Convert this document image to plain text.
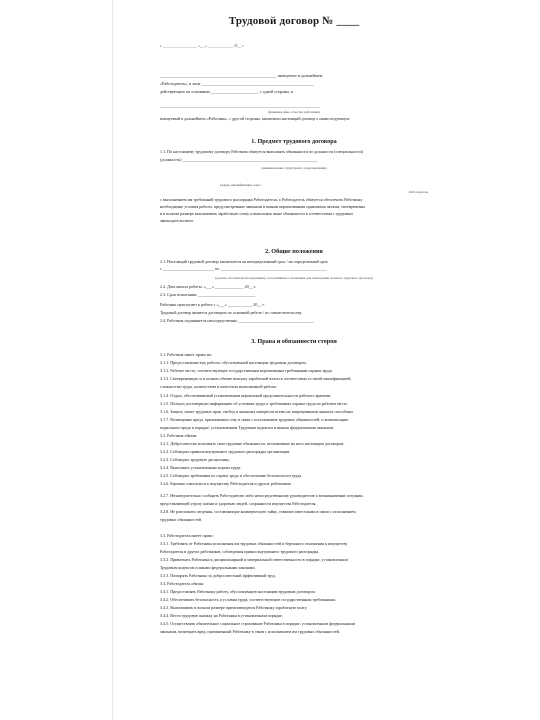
Трудовой договор № ____
г. ___________________ «___» ______________ 20__ г.
_________________________________________________________ именуемое в дальнейшем
«Работодатель», в лице _______________________________________________________
действующего на основании _______________________, с одной стороны, и
______________________________________________________________________________
(фамилия, имя, отчество работника)
именуемый в дальнейшем «Работник», с другой стороны, заключили настоящий договор о нижеследующем:
1. Предмет трудового договора
1.1. По настоящему трудовому договору Работник обязуется выполнять обязанности по должности (специальности)
(должность) __________________________________________________________________
(наименование структурного подразделения)
разряд, квалификация, класс
Работодатель
с выполнением им требований трудового распорядка Работодателя, а Работодатель обязуется обеспечить Работнику
необходимые условия работы, предусмотренные законами и иными нормативными правовыми актами, своевременно
и в полном размере выплачивать заработную плату и выполнять иные обязанности в соответствии с трудовым
законодательством.
2. Общие положения
2.1. Настоящий трудовой договор заключается на неопределенный срок / на определенный срок
с _________________________ по ____________________________________________________
(указать обстоятельства (причины), послужившие основанием для заключения срочного трудового договора)
2.2. Дата начала работы: «___» ______________ 20__ г.
2.3. Срок испытания: ____________________________
Работник приступает к работе с «___» ____________ 20__ г.
Трудовой договор является договором по основной работе / по совместительству.
2.4. Работник подчиняется непосредственно _____________________________________
3. Права и обязанности сторон
3.1. Работник имеет право на:
3.1.1. Предоставление ему работы, обусловленной настоящим трудовым договором.
3.1.2. Рабочее место, соответствующее государственным нормативным требованиям охраны труда.
3.1.3. Своевременную и в полном объеме выплату заработной платы в соответствии со своей квалификацией,
сложностью труда, количеством и качеством выполненной работы.
3.1.4. Отдых, обеспечиваемый установлением нормальной продолжительности рабочего времени.
3.1.5. Полную достоверную информацию об условиях труда и требованиях охраны труда на рабочем месте.
3.1.6. Защиту своих трудовых прав, свобод и законных интересов всеми не запрещенными законом способами.
3.1.7. Возмещение вреда, причиненного ему в связи с исполнением трудовых обязанностей, и компенсацию
морального вреда в порядке, установленном Трудовым кодексом и иными федеральными законами.
3.2. Работник обязан:
3.2.1. Добросовестно исполнять свои трудовые обязанности, возложенные на него настоящим договором.
3.2.2. Соблюдать правила внутреннего трудового распорядка организации.
3.2.3. Соблюдать трудовую дисциплину.
3.2.4. Выполнять установленные нормы труда.
3.2.5. Соблюдать требования по охране труда и обеспечению безопасности труда.
3.2.6. Бережно относиться к имуществу Работодателя и других работников.
3.2.7. Незамедлительно сообщить Работодателю либо непосредственному руководителю о возникновении ситуации,
представляющей угрозу жизни и здоровью людей, сохранности имущества Работодателя.
3.2.8. Не разглашать сведения, составляющие коммерческую тайну, ставшие известными в связи с исполнением
трудовых обязанностей.
3.3. Работодатель имеет право:
3.3.1. Требовать от Работника исполнения им трудовых обязанностей и бережного отношения к имуществу
Работодателя и других работников, соблюдения правил внутреннего трудового распорядка.
3.3.2. Привлекать Работника к дисциплинарной и материальной ответственности в порядке, установленном
Трудовым кодексом и иными федеральными законами.
3.3.3. Поощрять Работника за добросовестный эффективный труд.
3.4. Работодатель обязан:
3.4.1. Предоставлять Работнику работу, обусловленную настоящим трудовым договором.
3.4.2. Обеспечивать безопасность и условия труда, соответствующие государственным требованиям.
3.4.3. Выплачивать в полном размере причитающуюся Работнику заработную плату.
3.4.4. Вести трудовую книжку на Работника в установленном порядке.
3.4.5. Осуществлять обязательное социальное страхование Работника в порядке, установленном федеральными
законами, возмещать вред, причиненный Работнику в связи с исполнением им трудовых обязанностей.
